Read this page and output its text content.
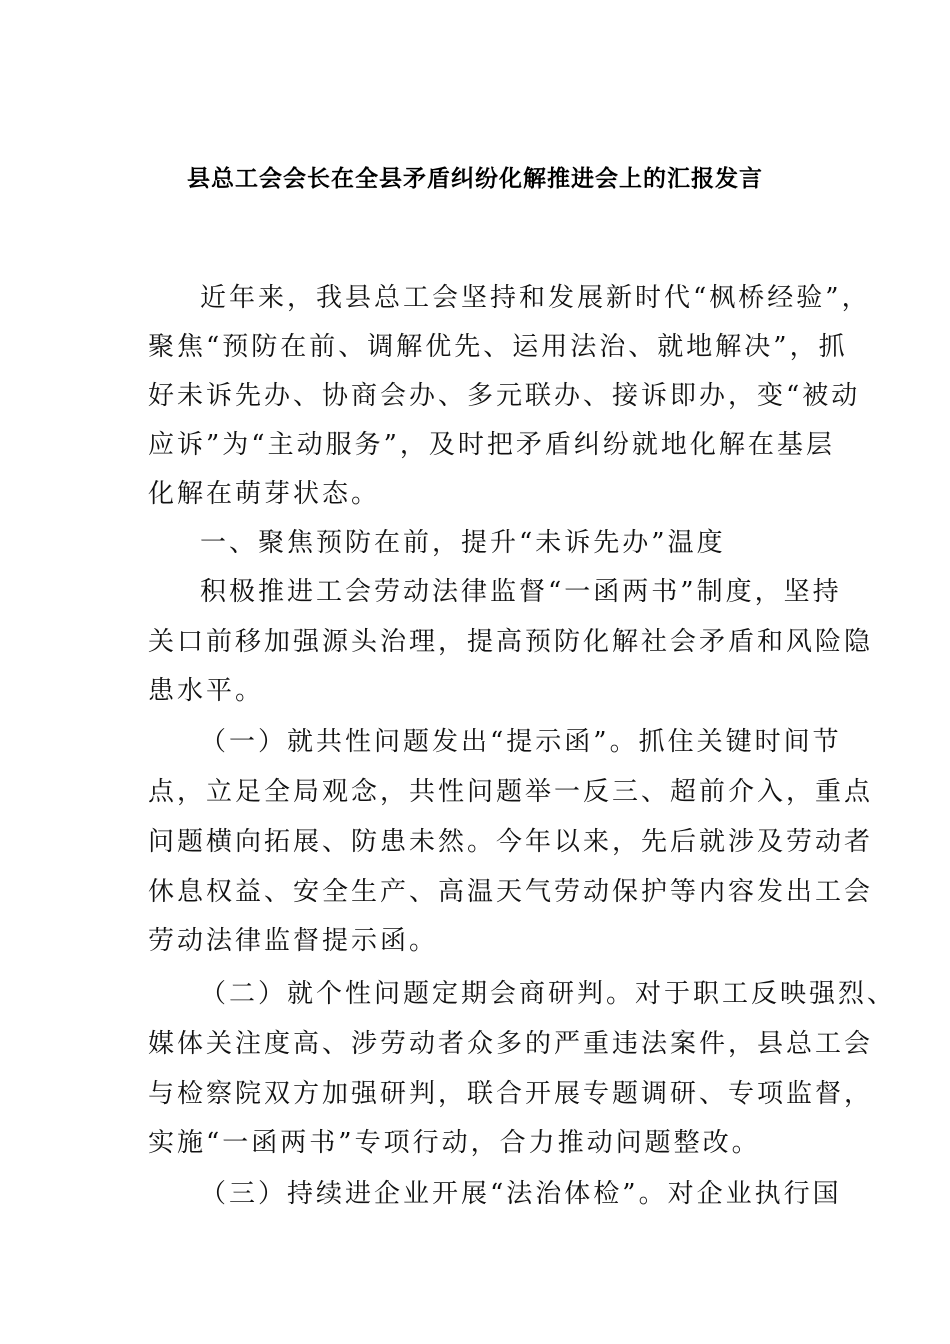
县总工会会长在全县矛盾纠纷化解推进会上的汇报发言
近年来，我县总工会坚持和发展新时代“枫桥经验”，
聚焦“预防在前、调解优先、运用法治、就地解决”，抓
好未诉先办、协商会办、多元联办、接诉即办，变“被动
应诉”为“主动服务”，及时把矛盾纠纷就地化解在基层
化解在萌芽状态。
一、聚焦预防在前，提升“未诉先办”温度
积极推进工会劳动法律监督“一函两书”制度，坚持
关口前移加强源头治理，提高预防化解社会矛盾和风险隐
患水平。
（一）就共性问题发出“提示函”。抓住关键时间节
点，立足全局观念，共性问题举一反三、超前介入，重点
问题横向拓展、防患未然。今年以来，先后就涉及劳动者
休息权益、安全生产、高温天气劳动保护等内容发出工会
劳动法律监督提示函。
（二）就个性问题定期会商研判。对于职工反映强烈、
媒体关注度高、涉劳动者众多的严重违法案件，县总工会
与检察院双方加强研判，联合开展专题调研、专项监督，
实施“一函两书”专项行动，合力推动问题整改。
（三）持续进企业开展“法治体检”。对企业执行国
